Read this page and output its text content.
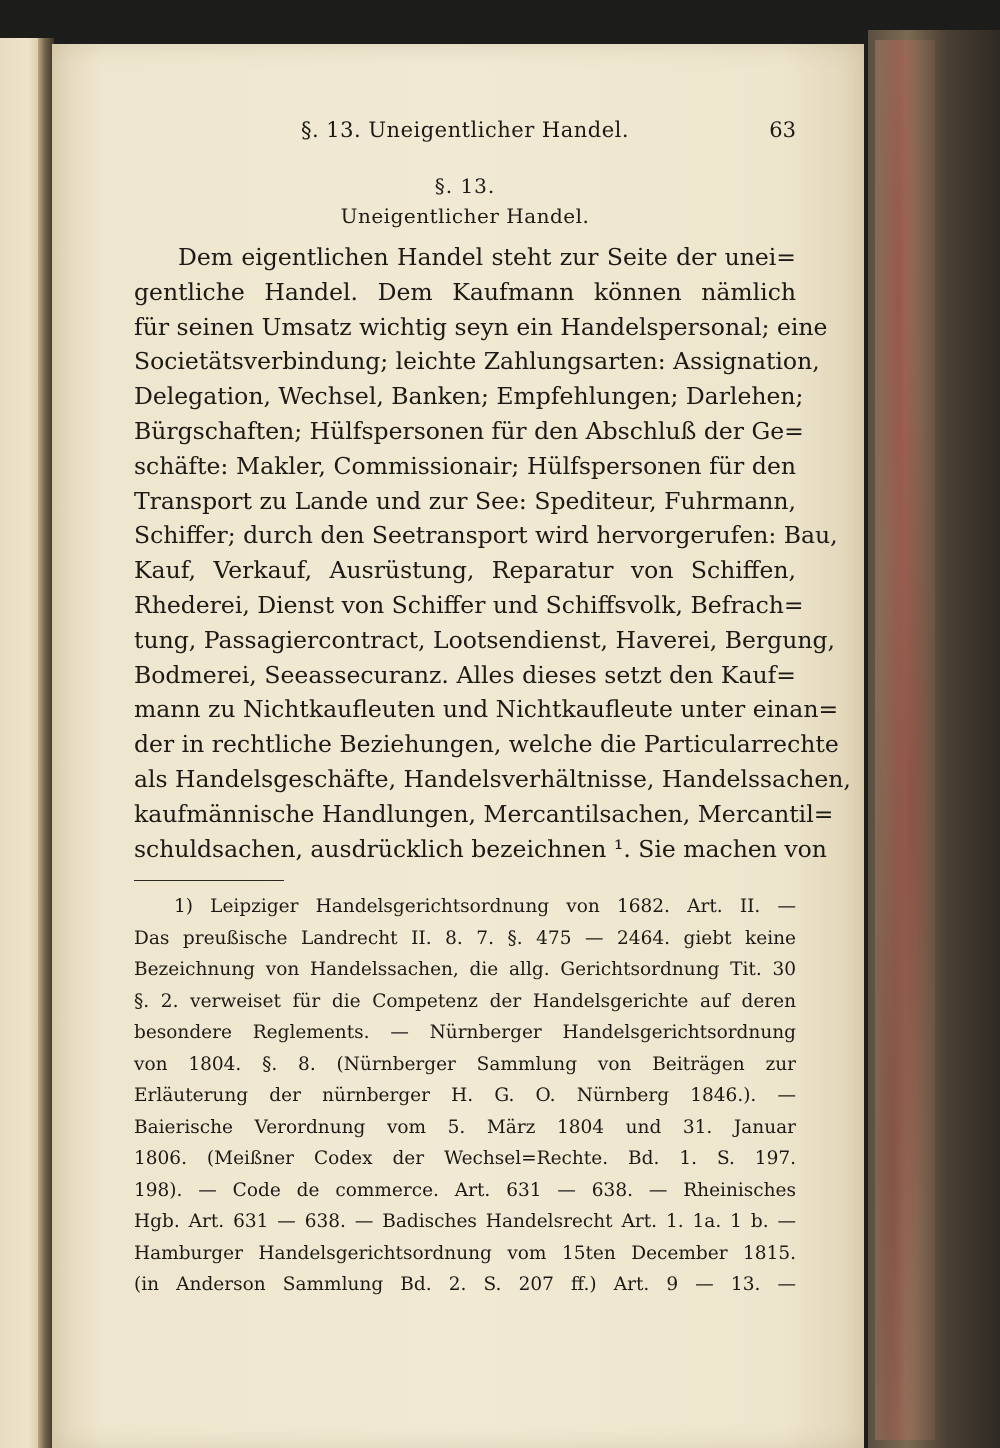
§. 13. Uneigentlicher Handel.	63
§. 13.
Uneigentlicher Handel.
Dem eigentlichen Handel steht zur Seite der unei=
gentliche Handel. Dem Kaufmann können nämlich
für seinen Umsatz wichtig seyn ein Handelspersonal; eine
Societätsverbindung; leichte Zahlungsarten: Assignation,
Delegation, Wechsel, Banken; Empfehlungen; Darlehen;
Bürgschaften; Hülfspersonen für den Abschluß der Ge=
schäfte: Makler, Commissionair; Hülfspersonen für den
Transport zu Lande und zur See: Spediteur, Fuhrmann,
Schiffer; durch den Seetransport wird hervorgerufen: Bau,
Kauf, Verkauf, Ausrüstung, Reparatur von Schiffen,
Rhederei, Dienst von Schiffer und Schiffsvolk, Befrach=
tung, Passagiercontract, Lootsendienst, Haverei, Bergung,
Bodmerei, Seeassecuranz. Alles dieses setzt den Kauf=
mann zu Nichtkaufleuten und Nichtkaufleute unter einan=
der in rechtliche Beziehungen, welche die Particularrechte
als Handelsgeschäfte, Handelsverhältnisse, Handelssachen,
kaufmännische Handlungen, Mercantilsachen, Mercantil=
schuldsachen, ausdrücklich bezeichnen ¹. Sie machen von
1) Leipziger Handelsgerichtsordnung von 1682. Art. II. —
Das preußische Landrecht II. 8. 7. §. 475 — 2464. giebt keine
Bezeichnung von Handelssachen, die allg. Gerichtsordnung Tit. 30
§. 2. verweiset für die Competenz der Handelsgerichte auf deren
besondere Reglements. — Nürnberger Handelsgerichtsordnung
von 1804. §. 8. (Nürnberger Sammlung von Beiträgen zur
Erläuterung der nürnberger H. G. O. Nürnberg 1846.). —
Baierische Verordnung vom 5. März 1804 und 31. Januar
1806. (Meißner Codex der Wechsel=Rechte. Bd. 1. S. 197.
198). — Code de commerce. Art. 631 — 638. — Rheinisches
Hgb. Art. 631 — 638. — Badisches Handelsrecht Art. 1. 1a. 1 b. —
Hamburger Handelsgerichtsordnung vom 15ten December 1815.
(in Anderson Sammlung Bd. 2. S. 207 ff.) Art. 9 — 13. —
